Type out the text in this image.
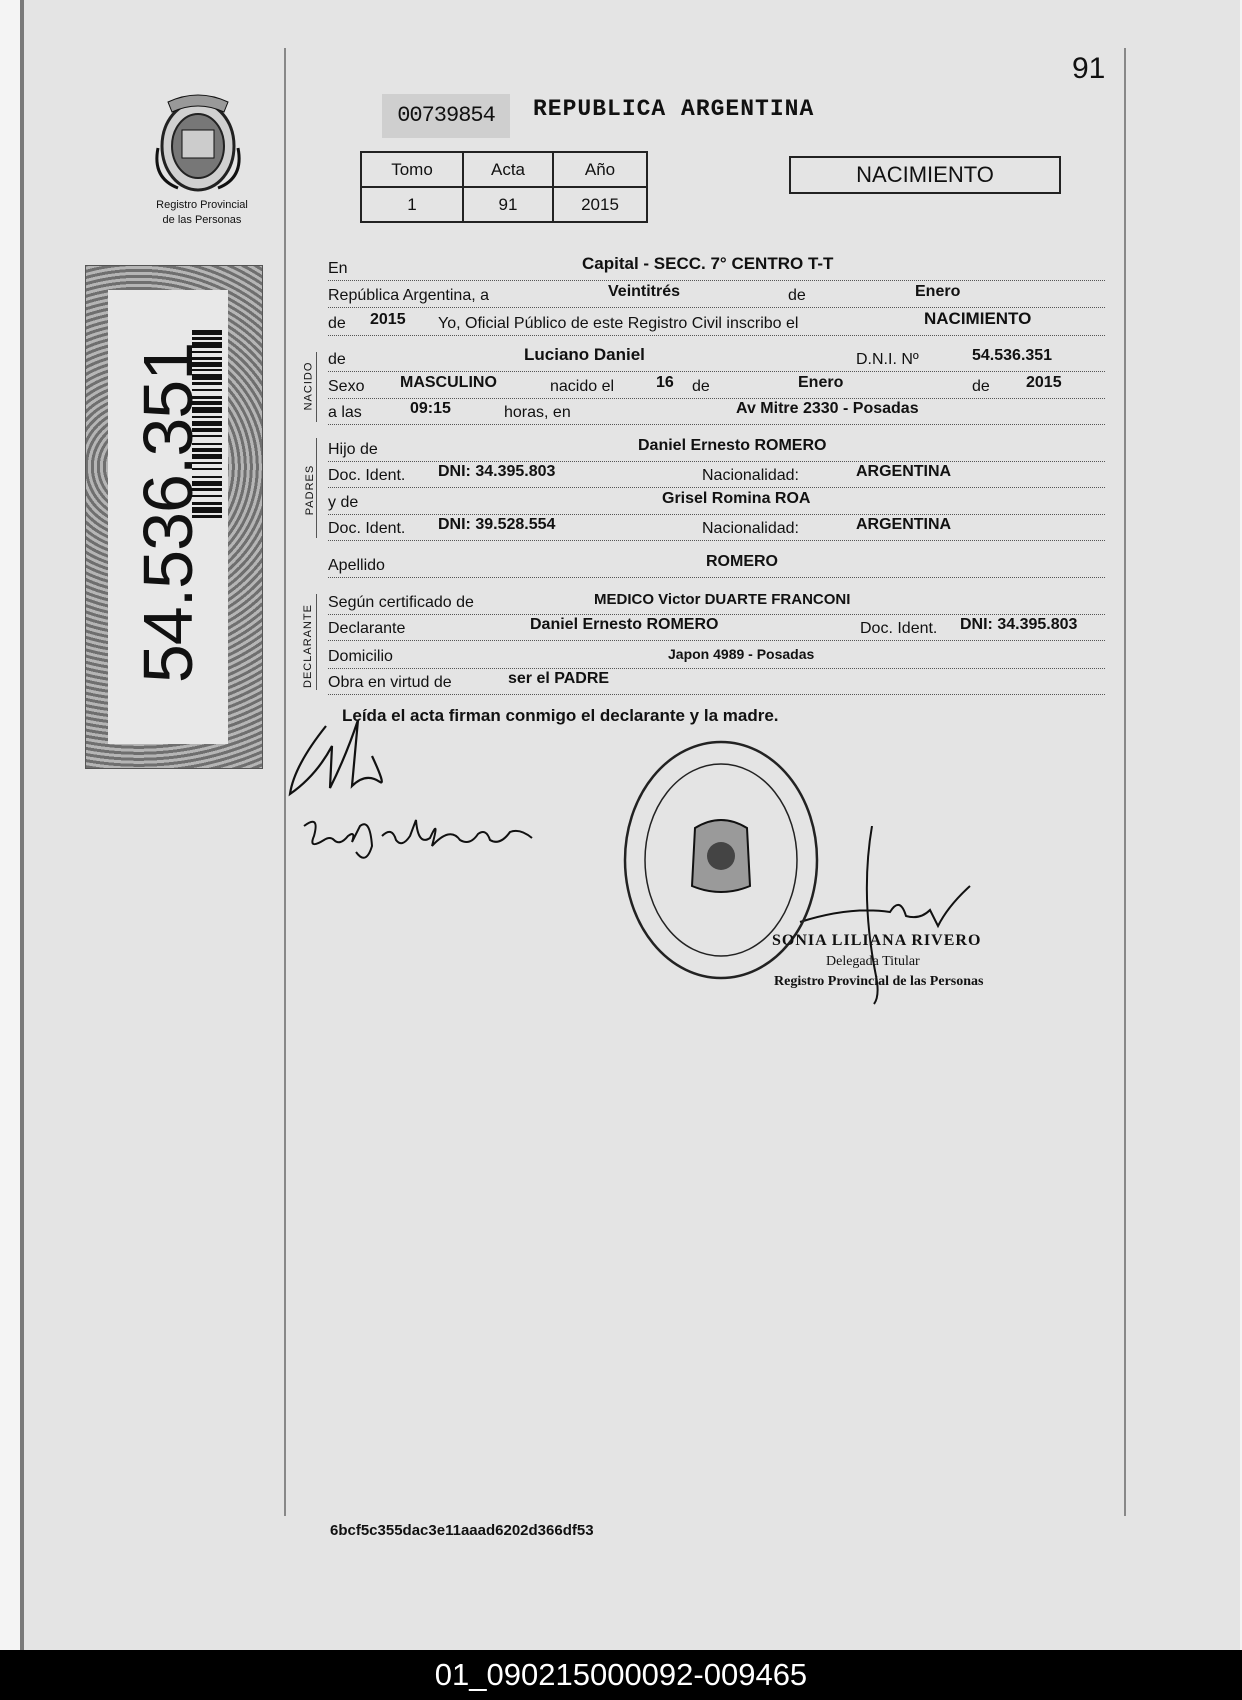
91
Registro Provincial
de las Personas
00739854	REPUBLICA ARGENTINA
Tomo	Acta	Año
1	91	2015
NACIMIENTO
54.536.351	NACIDO
PADRES
DECLARANTE
En	Capital - SECC. 7° CENTRO T-T
República Argentina, a	Veintitrés	de	Enero
de 2015 Yo, Oficial Público de este Registro Civil inscribo el	NACIMIENTO
de	Luciano Daniel	D.N.I. Nº	54.536.351
Sexo MASCULINO	nacido el	16 de	Enero	de 2015
a las	09:15	horas, en	Av Mitre 2330 - Posadas
Hijo de	Daniel Ernesto ROMERO
Doc. Ident. DNI: 34.395.803	Nacionalidad:	ARGENTINA
y de	Grisel Romina ROA
Doc. Ident. DNI: 39.528.554	Nacionalidad:	ARGENTINA
Apellido	ROMERO
Según certificado de	MEDICO Victor DUARTE FRANCONI
Declarante	Daniel Ernesto ROMERO	Doc. Ident. DNI: 34.395.803
Domicilio	Japon 4989 - Posadas
Obra en virtud de	ser el PADRE
Leída el acta firman conmigo el declarante y la madre.
SONIA LILIANA RIVERO
Delegada Titular
Registro Provincial de las Personas
6bcf5c355dac3e11aaad6202d366df53
01_090215000092-009465
